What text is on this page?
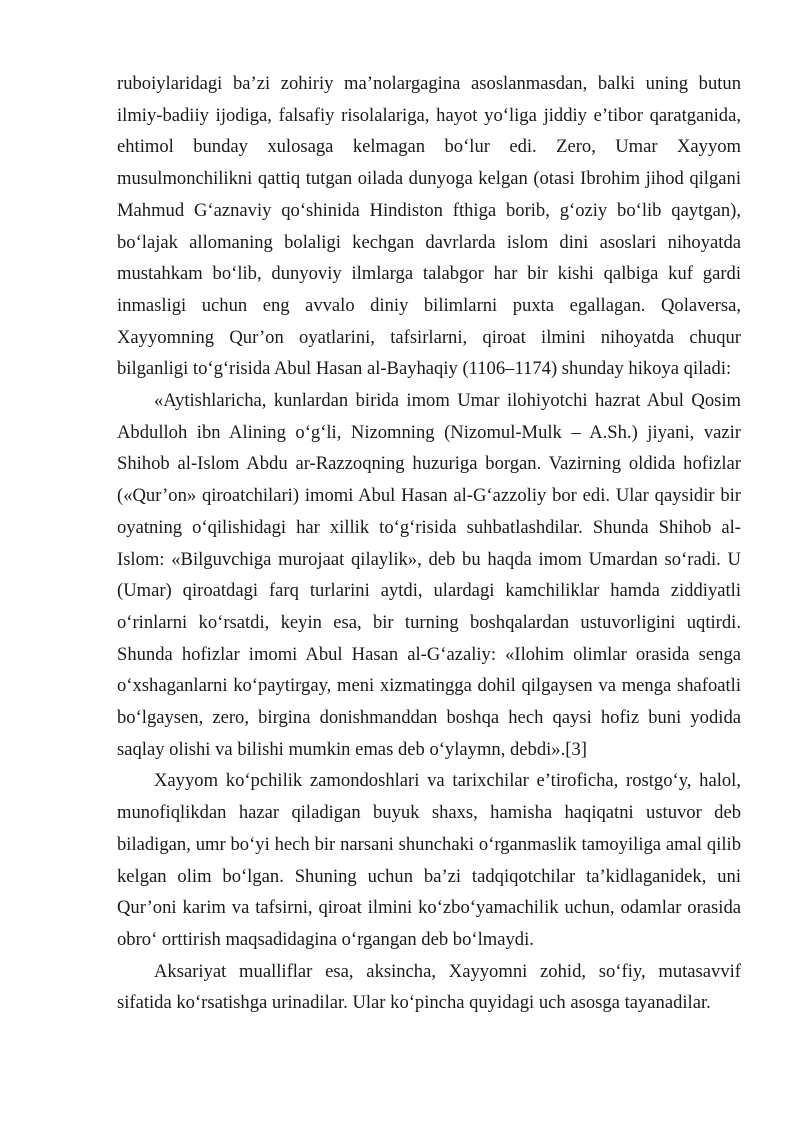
ruboiylaridagi ba’zi zohiriy ma’nolargagina asoslanmasdan, balki uning butun ilmiy-badiiy ijodiga, falsafiy risolalariga, hayot yo‘liga jiddiy e’tibor qaratganida, ehtimol bunday xulosaga kelmagan bo‘lur edi. Zero, Umar Xayyom musulmonchilikni qattiq tutgan oilada dunyoga kelgan (otasi Ibrohim jihod qilgani Mahmud G‘aznaviy qo‘shinida Hindiston fthiga borib, g‘oziy bo‘lib qaytgan), bo‘lajak allomaning bolaligi kechgan davrlarda islom dini asoslari nihoyatda mustahkam bo‘lib, dunyoviy ilmlarga talabgor har bir kishi qalbiga kuf gardi inmasligi uchun eng avvalo diniy bilimlarni puxta egallagan. Qolaversa, Xayyomning Qur’on oyatlarini, tafsirlarni, qiroat ilmini nihoyatda chuqur bilganligi to‘g‘risida Abul Hasan al-Bayhaqiy (1106–1174) shunday hikoya qiladi:

«Aytishlaricha, kunlardan birida imom Umar ilohiyotchi hazrat Abul Qosim Abdulloh ibn Alining o‘g‘li, Nizomning (Nizomul-Mulk – A.Sh.) jiyani, vazir Shihob al-Islom Abdu ar-Razzoqning huzuriga borgan. Vazirning oldida hofizlar («Qur’on» qiroatchilari) imomi Abul Hasan al-G‘azzoliy bor edi. Ular qaysidir bir oyatning o‘qilishidagi har xillik to‘g‘risida suhbatlashdilar. Shunda Shihob al-Islom: «Bilguvchiga murojaat qilaylik», deb bu haqda imom Umardan so‘radi. U (Umar) qiroatdagi farq turlarini aytdi, ulardagi kamchiliklar hamda ziddiyatli o‘rinlarni ko‘rsatdi, keyin esa, bir turning boshqalardan ustuvorligini uqtirdi. Shunda hofizlar imomi Abul Hasan al-G‘azaliy: «Ilohim olimlar orasida senga o‘xshaganlarni ko‘paytirgay, meni xizmatingga dohil qilgaysen va menga shafoatli bo‘lgaysen, zero, birgina donishmanddan boshqa hech qaysi hofiz buni yodida saqlay olishi va bilishi mumkin emas deb o‘ylaymn, debdi».[3]

Xayyom ko‘pchilik zamondoshlari va tarixchilar e’tiroficha, rostgo‘y, halol, munofiqlikdan hazar qiladigan buyuk shaxs, hamisha haqiqatni ustuvor deb biladigan, umr bo‘yi hech bir narsani shunchaki o‘rganmaslik tamoyiliga amal qilib kelgan olim bo‘lgan. Shuning uchun ba’zi tadqiqotchilar ta’kidlaganidek, uni Qur’oni karim va tafsirni, qiroat ilmini ko‘zbo‘yamachilik uchun, odamlar orasida obro‘ orttirish maqsadidagina o‘rgangan deb bo‘lmaydi.

Aksariyat mualliflar esa, aksincha, Xayyomni zohid, so‘fiy, mutasavvif sifatida ko‘rsatishga urinadilar. Ular ko‘pincha quyidagi uch asosga tayanadilar.
